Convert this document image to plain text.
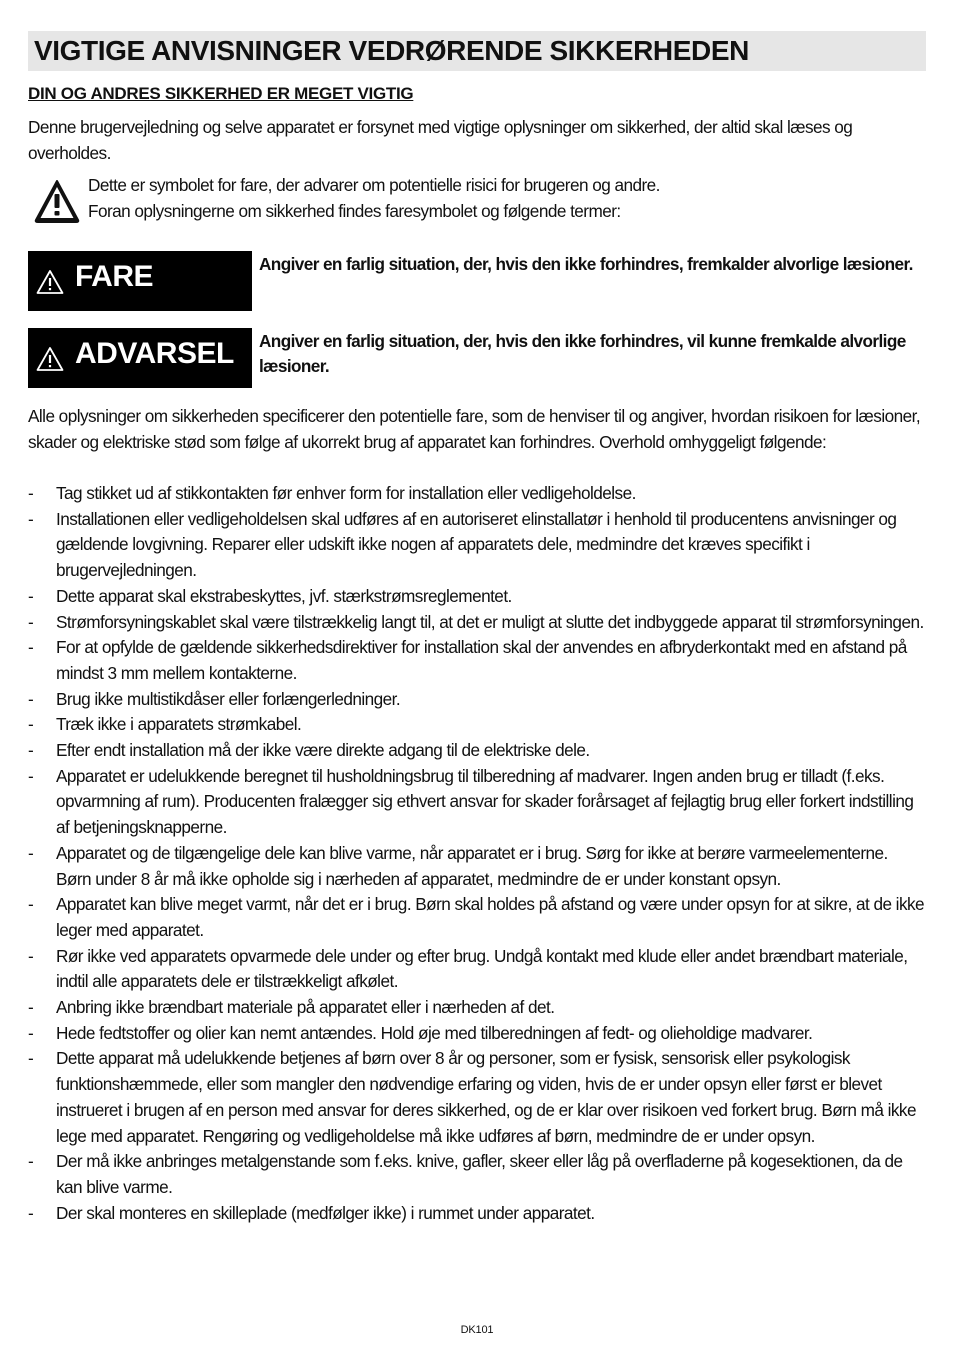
VIGTIGE ANVISNINGER VEDRØRENDE SIKKERHEDEN
DIN OG ANDRES SIKKERHED ER MEGET VIGTIG
Denne brugervejledning og selve apparatet er forsynet med vigtige oplysninger om sikkerhed, der altid skal læses og overholdes.
Dette er symbolet for fare, der advarer om potentielle risici for brugeren og andre.
Foran oplysningerne om sikkerhed findes faresymbolet og følgende termer:
FARE	Angiver en farlig situation, der, hvis den ikke forhindres, fremkalder alvorlige læsioner.
ADVARSEL Angiver en farlig situation, der, hvis den ikke forhindres, vil kunne fremkalde alvorlige læsioner.
Alle oplysninger om sikkerheden specificerer den potentielle fare, som de henviser til og angiver, hvordan risikoen for læsioner, skader og elektriske stød som følge af ukorrekt brug af apparatet kan forhindres. Overhold omhyggeligt følgende:
- Tag stikket ud af stikkontakten før enhver form for installation eller vedligeholdelse.
- Installationen eller vedligeholdelsen skal udføres af en autoriseret elinstallatør i henhold til producentens anvisninger og gældende lovgivning. Reparer eller udskift ikke nogen af apparatets dele, medmindre det kræves specifikt i brugervejledningen.
- Dette apparat skal ekstrabeskyttes, jvf. stærkstrømsreglementet.
- Strømforsyningskablet skal være tilstrækkelig langt til, at det er muligt at slutte det indbyggede apparat til strømforsyningen.
- For at opfylde de gældende sikkerhedsdirektiver for installation skal der anvendes en afbryderkontakt med en afstand på mindst 3 mm mellem kontakterne.
- Brug ikke multistikdåser eller forlængerledninger.
- Træk ikke i apparatets strømkabel.
- Efter endt installation må der ikke være direkte adgang til de elektriske dele.
- Apparatet er udelukkende beregnet til husholdningsbrug til tilberedning af madvarer. Ingen anden brug er tilladt (f.eks. opvarmning af rum). Producenten fralægger sig ethvert ansvar for skader forårsaget af fejlagtig brug eller forkert indstilling af betjeningsknapperne.
- Apparatet og de tilgængelige dele kan blive varme, når apparatet er i brug. Sørg for ikke at berøre varmeelementerne. Børn under 8 år må ikke opholde sig i nærheden af apparatet, medmindre de er under konstant opsyn.
- Apparatet kan blive meget varmt, når det er i brug. Børn skal holdes på afstand og være under opsyn for at sikre, at de ikke leger med apparatet.
- Rør ikke ved apparatets opvarmede dele under og efter brug. Undgå kontakt med klude eller andet brændbart materiale, indtil alle apparatets dele er tilstrækkeligt afkølet.
- Anbring ikke brændbart materiale på apparatet eller i nærheden af det.
- Hede fedtstoffer og olier kan nemt antændes. Hold øje med tilberedningen af fedt- og olieholdige madvarer.
- Dette apparat må udelukkende betjenes af børn over 8 år og personer, som er fysisk, sensorisk eller psykologisk funktionshæmmede, eller som mangler den nødvendige erfaring og viden, hvis de er under opsyn eller først er blevet instrueret i brugen af en person med ansvar for deres sikkerhed, og de er klar over risikoen ved forkert brug. Børn må ikke lege med apparatet. Rengøring og vedligeholdelse må ikke udføres af børn, medmindre de er under opsyn.
- Der må ikke anbringes metalgenstande som f.eks. knive, gafler, skeer eller låg på overfladerne på kogesektionen, da de kan blive varme.
- Der skal monteres en skilleplade (medfølger ikke) i rummet under apparatet.
DK101
